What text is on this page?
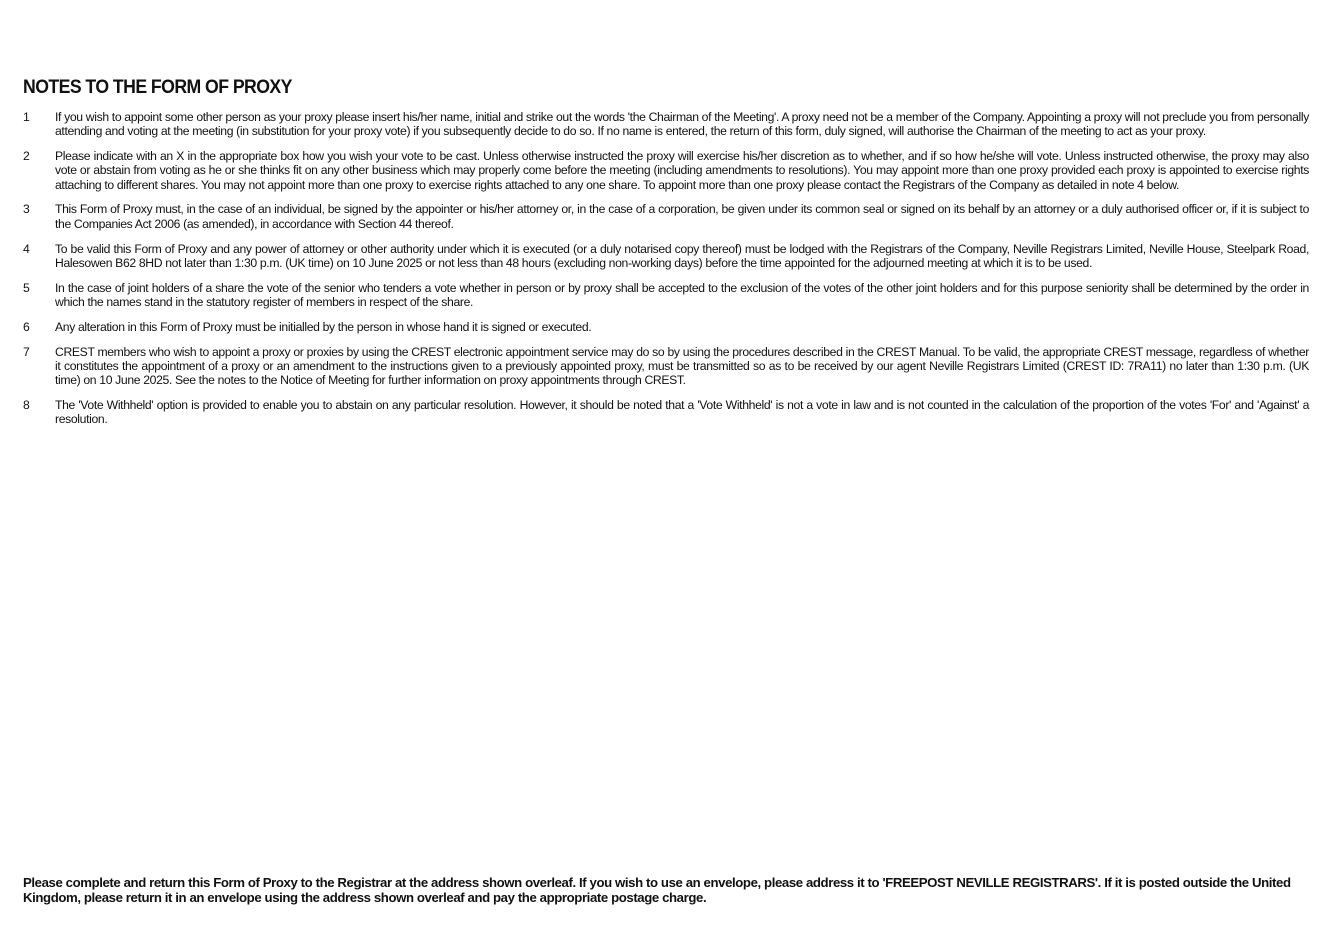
NOTES TO THE FORM OF PROXY
1	If you wish to appoint some other person as your proxy please insert his/her name, initial and strike out the words 'the Chairman of the Meeting'. A proxy need not be a member of the Company. Appointing a proxy will not preclude you from personally attending and voting at the meeting (in substitution for your proxy vote) if you subsequently decide to do so. If no name is entered, the return of this form, duly signed, will authorise the Chairman of the meeting to act as your proxy.
2	Please indicate with an X in the appropriate box how you wish your vote to be cast. Unless otherwise instructed the proxy will exercise his/her discretion as to whether, and if so how he/she will vote. Unless instructed otherwise, the proxy may also vote or abstain from voting as he or she thinks fit on any other business which may properly come before the meeting (including amendments to resolutions). You may appoint more than one proxy provided each proxy is appointed to exercise rights attaching to different shares. You may not appoint more than one proxy to exercise rights attached to any one share. To appoint more than one proxy please contact the Registrars of the Company as detailed in note 4 below.
3	This Form of Proxy must, in the case of an individual, be signed by the appointer or his/her attorney or, in the case of a corporation, be given under its common seal or signed on its behalf by an attorney or a duly authorised officer or, if it is subject to the Companies Act 2006 (as amended), in accordance with Section 44 thereof.
4	To be valid this Form of Proxy and any power of attorney or other authority under which it is executed (or a duly notarised copy thereof) must be lodged with the Registrars of the Company, Neville Registrars Limited, Neville House, Steelpark Road, Halesowen B62 8HD not later than 1:30 p.m. (UK time) on 10 June 2025 or not less than 48 hours (excluding non-working days) before the time appointed for the adjourned meeting at which it is to be used.
5	In the case of joint holders of a share the vote of the senior who tenders a vote whether in person or by proxy shall be accepted to the exclusion of the votes of the other joint holders and for this purpose seniority shall be determined by the order in which the names stand in the statutory register of members in respect of the share.
6	Any alteration in this Form of Proxy must be initialled by the person in whose hand it is signed or executed.
7	CREST members who wish to appoint a proxy or proxies by using the CREST electronic appointment service may do so by using the procedures described in the CREST Manual. To be valid, the appropriate CREST message, regardless of whether it constitutes the appointment of a proxy or an amendment to the instructions given to a previously appointed proxy, must be transmitted so as to be received by our agent Neville Registrars Limited (CREST ID: 7RA11) no later than 1:30 p.m. (UK time) on 10 June 2025. See the notes to the Notice of Meeting for further information on proxy appointments through CREST.
8	The 'Vote Withheld' option is provided to enable you to abstain on any particular resolution. However, it should be noted that a 'Vote Withheld' is not a vote in law and is not counted in the calculation of the proportion of the votes 'For' and 'Against' a resolution.

Please complete and return this Form of Proxy to the Registrar at the address shown overleaf. If you wish to use an envelope, please address it to 'FREEPOST NEVILLE REGISTRARS'. If it is posted outside the United Kingdom, please return it in an envelope using the address shown overleaf and pay the appropriate postage charge.
